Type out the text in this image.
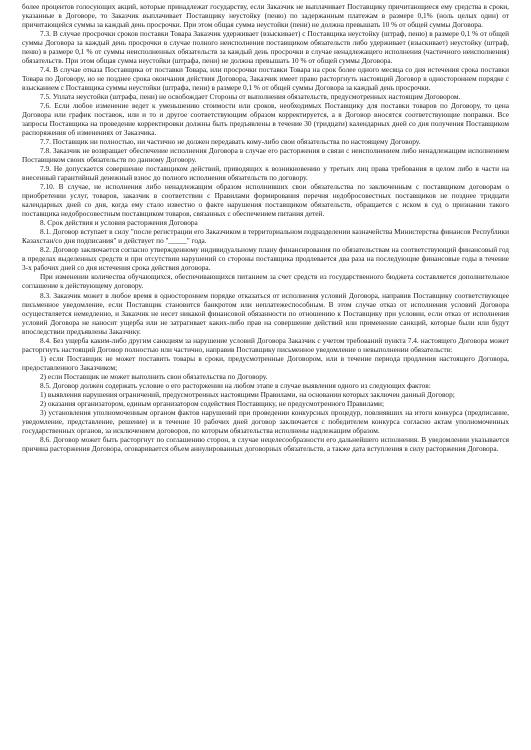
более процентов голосующих акций, которые принадлежат государству, если Заказчик не выплачивает Поставщику причитающиеся ему средства в сроки, указанные в Договоре, то Заказчик выплачивает Поставщику неустойку (пеню) по задержанным платежам в размере 0,1% (ноль целых один) от причитающейся суммы за каждый день просрочки. При этом общая сумма неустойки (пени) не должна превышать 10 % от общей суммы Договора.

7.3. В случае просрочки сроков поставки Товара Заказчик удерживает (взыскивает) с Поставщика неустойку (штраф, пеню) в размере 0,1 % от общей суммы Договора за каждый день просрочки в случае полного неисполнения поставщиком обязательств либо удерживает (взыскивает) неустойку (штраф, пеню) в размере 0,1 % от суммы неисполненных обязательств за каждый день просрочки в случае ненадлежащего исполнения (частичного неисполнения) обязательств. При этом общая сумма неустойки (штрафа, пени) не должна превышать 10 % от общей суммы Договора.

7.4. В случае отказа Поставщика от поставки Товара, или просрочки поставки Товара на срок более одного месяца со дня истечения срока поставки Товара по Договору, но не позднее срока окончания действия Договора, Заказчик имеет право расторгнуть настоящий Договор в одностороннем порядке с взысканием с Поставщика суммы неустойки (штрафа, пени) в размере 0,1 % от общей суммы Договора за каждый день просрочки.

7.5. Уплата неустойки (штрафа, пени) не освобождает Стороны от выполнения обязательств, предусмотренных настоящим Договором.

7.6. Если любое изменение ведет к уменьшению стоимости или сроков, необходимых Поставщику для поставки товаров по Договору, то цена Договора или график поставок, или и то и другое соответствующим образом корректируется, а в Договор вносятся соответствующие поправки. Все запросы Поставщика на проведение корректировки должны быть предъявлены в течение 30 (тридцати) календарных дней со дня получения Поставщиком распоряжения об изменениях от Заказчика.

7.7. Поставщик ни полностью, ни частично не должен передавать кому-либо свои обязательства по настоящему Договору.

7.8. Заказчик не возвращает обеспечение исполнения Договора в случае его расторжения в связи с неисполнением либо ненадлежащим исполнением Поставщиком своих обязательств по данному Договору.

7.9. Не допускается совершение поставщиком действий, приводящих к возникновению у третьих лиц права требования в целом либо в части на внесенный гарантийный денежный взнос до полного исполнения обязательств по договору.

7.10. В случае, не исполнения либо ненадлежащим образом исполнивших свои обязательства по заключенным с поставщиком договорам о приобретении услуг, товаров, заказчик в соответствии с Правилами формирования перечня недобросовестных поставщиков не позднее тридцати календарных дней со дня, когда ему стало известно о факте нарушения поставщиком обязательств, обращается с иском в суд о признании такого поставщика недобросовестным поставщиком товаров, связанных с обеспечением питания детей.

8. Срок действия и условия расторжения Договора

8.1. Договор вступает в силу "после регистрации его Заказчиком в территориальном подразделении казначейства Министерства финансов Республики Казахстан/со дня подписания" и действует по "_____" года.

8.2. Договор заключается согласно утвержденному индивидуальному плану финансирования по обязательствам на соответствующий финансовый год в пределах выделенных средств и при отсутствии нарушений со стороны поставщика продлевается два раза на последующие финансовые годы в течение 3-х рабочих дней со дня истечения срока действия договора.

При изменении количества обучающихся, обеспечивающихся питанием за счет средств из государственного бюджета составляется дополнительное соглашение к действующему договору.

8.3. Заказчик может в любое время в одностороннем порядке отказаться от исполнения условий Договора, направив Поставщику соответствующее письменное уведомление, если Поставщик становится банкротом или неплатежеспособным. В этом случае отказ от исполнения условий Договора осуществляется немедленно, и Заказчик не несет никакой финансовой обязанности по отношению к Поставщику при условии, если отказ от исполнения условий Договора не наносит ущерба или не затрагивает каких-либо прав на совершение действий или применение санкций, которые были или будут впоследствии предъявлены Заказчику.

8.4. Без ущерба каким-либо другим санкциям за нарушение условий Договора Заказчик с учетом требований пункта 7.4. настоящего Договора может расторгнуть настоящий Договор полностью или частично, направив Поставщику письменное уведомление о невыполнении обязательств:

1) если Поставщик не может поставить товары в сроки, предусмотренные Договором, или в течение периода продления настоящего Договора, предоставленного Заказчиком;

2) если Поставщик не может выполнить свои обязательства по Договору.

8.5. Договор должен содержать условие о его расторжении на любом этапе в случае выявления одного из следующих фактов:

1) выявления нарушения ограничений, предусмотренных настоящими Правилами, на основании которых заключен данный Договор;

2) оказания организатором, единым организатором содействия Поставщику, не предусмотренного Правилами;

3) установления уполномоченным органом фактов нарушений при проведении конкурсных процедур, повлиявших на итоги конкурса (предписание, уведомление, представление, решение) и в течение 10 рабочих дней договор заключается с победителем конкурса согласно актам уполномоченных государственных органов, за исключением договоров, по которым обязательства исполнены надлежащим образом.

8.6. Договор может быть расторгнут по соглашению сторон, в случае нецелесообразности его дальнейшего исполнения. В уведомлении указывается причина расторжения Договора, оговаривается объем аннулированных договорных обязательств, а также дата вступления в силу расторжения Договора.
